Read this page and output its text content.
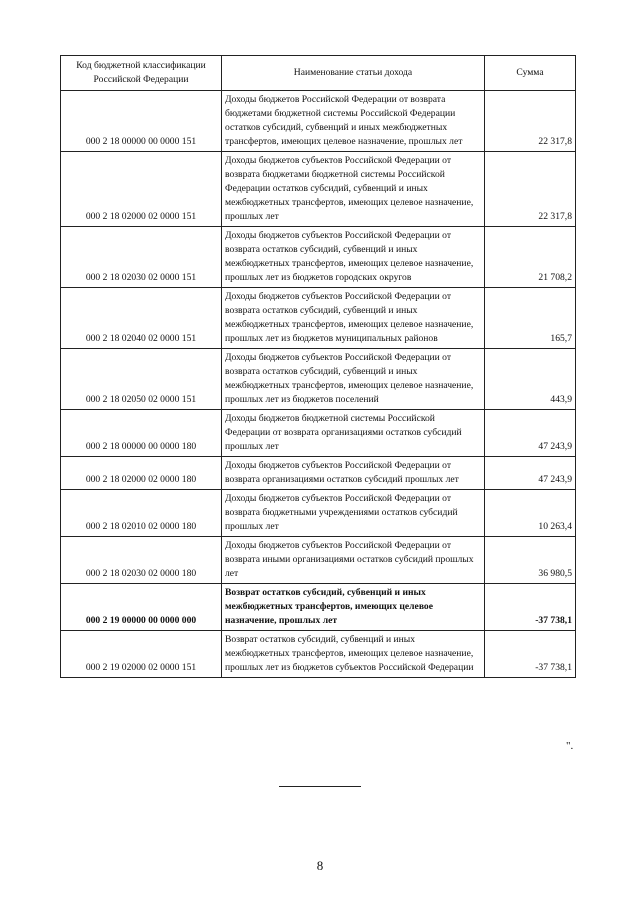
Код бюджетной классификации Российской Федерации	Наименование статьи дохода	Сумма
000 2 18 00000 00 0000 151	Доходы бюджетов Российской Федерации от возврата бюджетами бюджетной системы Российской Федерации остатков субсидий, субвенций и иных межбюджетных трансфертов, имеющих целевое назначение, прошлых лет	22 317,8
000 2 18 02000 02 0000 151	Доходы бюджетов субъектов Российской Федерации от возврата бюджетами бюджетной системы Российской Федерации остатков субсидий, субвенций и иных межбюджетных трансфертов, имеющих целевое назначение, прошлых лет	22 317,8
000 2 18 02030 02 0000 151	Доходы бюджетов субъектов Российской Федерации от возврата остатков субсидий, субвенций и иных межбюджетных трансфертов, имеющих целевое назначение, прошлых лет из бюджетов городских округов	21 708,2
000 2 18 02040 02 0000 151	Доходы бюджетов субъектов Российской Федерации от возврата остатков субсидий, субвенций и иных межбюджетных трансфертов, имеющих целевое назначение, прошлых лет из бюджетов муниципальных районов	165,7
000 2 18 02050 02 0000 151	Доходы бюджетов субъектов Российской Федерации от возврата остатков субсидий, субвенций и иных межбюджетных трансфертов, имеющих целевое назначение, прошлых лет из бюджетов поселений	443,9
000 2 18 00000 00 0000 180	Доходы бюджетов бюджетной системы Российской Федерации от возврата организациями остатков субсидий прошлых лет	47 243,9
000 2 18 02000 02 0000 180	Доходы бюджетов субъектов Российской Федерации от возврата организациями остатков субсидий прошлых лет	47 243,9
000 2 18 02010 02 0000 180	Доходы бюджетов субъектов Российской Федерации от возврата бюджетными учреждениями остатков субсидий прошлых лет	10 263,4
000 2 18 02030 02 0000 180	Доходы бюджетов субъектов Российской Федерации от возврата иными организациями остатков субсидий прошлых лет	36 980,5
000 2 19 00000 00 0000 000	Возврат остатков субсидий, субвенций и иных межбюджетных трансфертов, имеющих целевое назначение, прошлых лет	-37 738,1
000 2 19 02000 02 0000 151	Возврат остатков субсидий, субвенций и иных межбюджетных трансфертов, имеющих целевое назначение, прошлых лет из бюджетов субъектов Российской Федерации	-37 738,1
".
8
